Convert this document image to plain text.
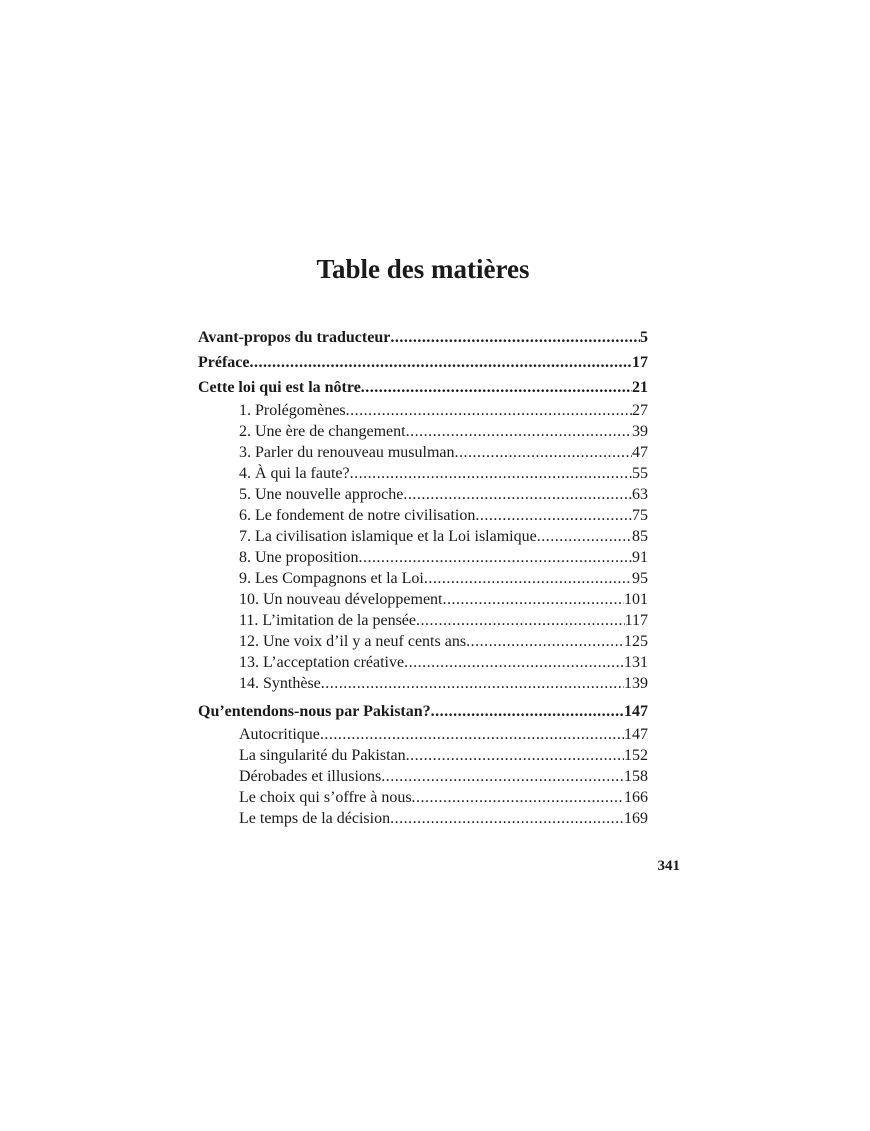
Table des matières
Avant-propos du traducteur .....	5
Préface .....	17
Cette loi qui est la nôtre .....	21
1. Prolégomènes .....	27
2. Une ère de changement .....	39
3. Parler du renouveau musulman .....	47
4. À qui la faute? .....	55
5. Une nouvelle approche .....	63
6. Le fondement de notre civilisation .....	75
7. La civilisation islamique et la Loi islamique .....	85
8. Une proposition .....	91
9. Les Compagnons et la Loi .....	95
10. Un nouveau développement .....	101
11. L’imitation de la pensée .....	117
12. Une voix d’il y a neuf cents ans .....	125
13. L’acceptation créative .....	131
14. Synthèse .....	139
Qu’entendons-nous par Pakistan? .....	147
Autocritique .....	147
La singularité du Pakistan .....	152
Dérobades et illusions .....	158
Le choix qui s’offre à nous .....	166
Le temps de la décision .....	169
341
